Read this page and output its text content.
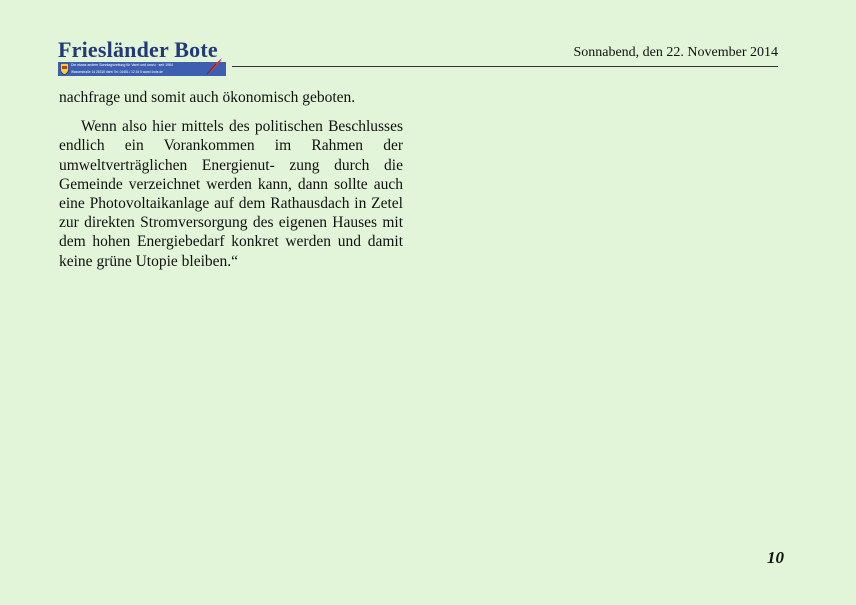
Friesländer Bote
Die etwas andere Sonntagszeitung für Varel und umzu · seit 1984
Wasserstraße 14 26316 Varel Tel. 04451 / 12 34 5 www.f-bote.de
Sonnabend, den 22. November 2014

nachfrage und somit auch ökonomisch geboten.

Wenn also hier mittels des politischen Beschlusses endlich ein Vorankommen im Rahmen der umweltverträglichen Energienut- zung durch die Gemeinde verzeichnet werden kann, dann sollte auch eine Photovoltaikanlage auf dem Rathausdach in Zetel zur direkten Stromversorgung des eigenen Hauses mit dem hohen Energiebedarf konkret werden und damit keine grüne Utopie bleiben.“

10
